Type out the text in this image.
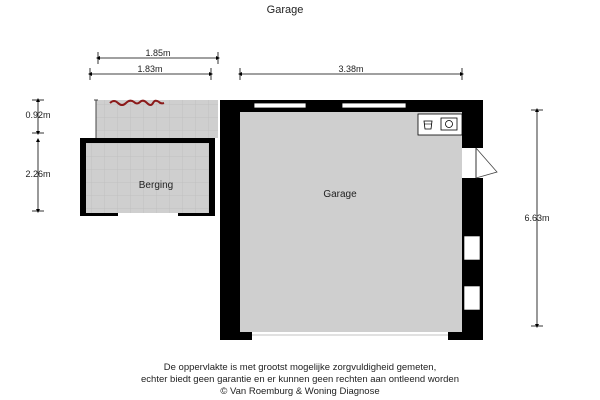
Garage
1.85m
1.83m	3.38m
0.92m
2.26m
6.63m
Berging
Garage
De oppervlakte is met grootst mogelijke zorgvuldigheid gemeten,
echter biedt geen garantie en er kunnen geen rechten aan ontleend worden
© Van Roemburg & Woning Diagnose
